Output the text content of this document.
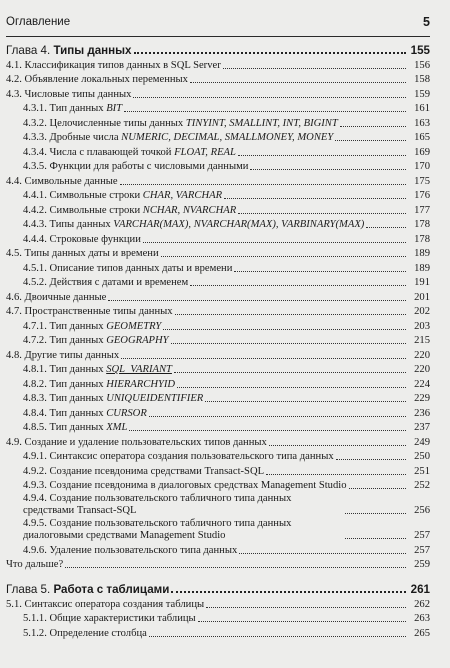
Оглавление	5
Глава 4. Типы данных	155
4.1. Классификация типов данных в SQL Server	156
4.2. Объявление локальных переменных	158
4.3. Числовые типы данных	159
4.3.1. Тип данных BIT	161
4.3.2. Целочисленные типы данных TINYINT, SMALLINT, INT, BIGINT	163
4.3.3. Дробные числа NUMERIC, DECIMAL, SMALLMONEY, MONEY	165
4.3.4. Числа с плавающей точкой FLOAT, REAL	169
4.3.5. Функции для работы с числовыми данными	170
4.4. Символьные данные	175
4.4.1. Символьные строки CHAR, VARCHAR	176
4.4.2. Символьные строки NCHAR, NVARCHAR	177
4.4.3. Типы данных VARCHAR(MAX), NVARCHAR(MAX), VARBINARY(MAX)	178
4.4.4. Строковые функции	178
4.5. Типы данных даты и времени	189
4.5.1. Описание типов данных даты и времени	189
4.5.2. Действия с датами и временем	191
4.6. Двоичные данные	201
4.7. Пространственные типы данных	202
4.7.1. Тип данных GEOMETRY	203
4.7.2. Тип данных GEOGRAPHY	215
4.8. Другие типы данных	220
4.8.1. Тип данных SQL_VARIANT	220
4.8.2. Тип данных HIERARCHYID	224
4.8.3. Тип данных UNIQUEIDENTIFIER	229
4.8.4. Тип данных CURSOR	236
4.8.5. Тип данных XML	237
4.9. Создание и удаление пользовательских типов данных	249
4.9.1. Синтаксис оператора создания пользовательского типа данных	250
4.9.2. Создание псевдонима средствами Transact-SQL	251
4.9.3. Создание псевдонима в диалоговых средствах Management Studio	252
4.9.4. Создание пользовательского табличного типа данных средствами Transact-SQL	256
4.9.5. Создание пользовательского табличного типа данных диалоговыми средствами Management Studio	257
4.9.6. Удаление пользовательского типа данных	257
Что дальше?	259
Глава 5. Работа с таблицами	261
5.1. Синтаксис оператора создания таблицы	262
5.1.1. Общие характеристики таблицы	263
5.1.2. Определение столбца	265
